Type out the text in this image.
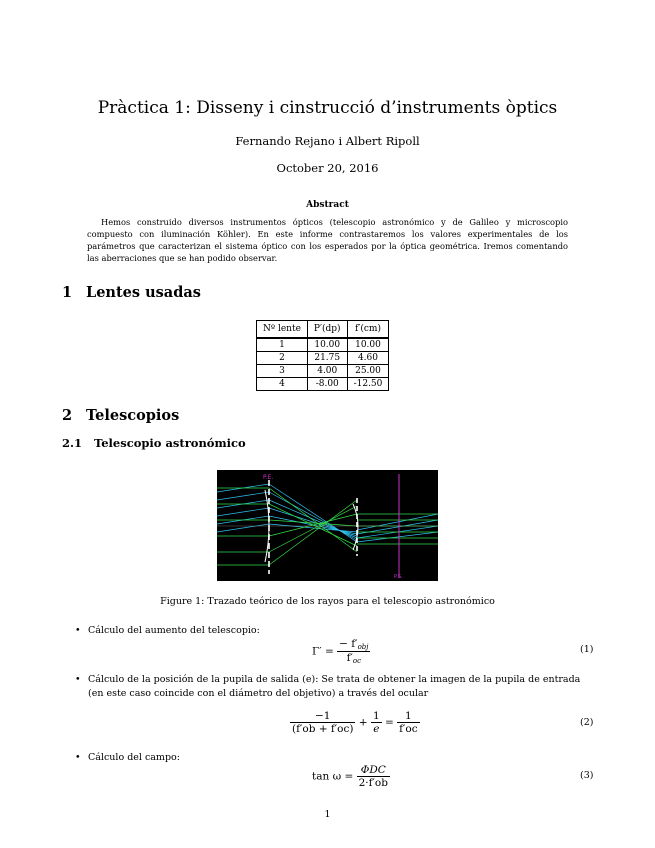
Pràctica 1: Disseny i cinstrucció d’instruments òptics
Fernando Rejano i Albert Ripoll
October 20, 2016
Abstract
Hemos construido diversos instrumentos ópticos (telescopio astronómico y de Galileo y microscopio compuesto con iluminación Köhler). En este informe contrastaremos los valores experimentales de los parámetros que caracterizan el sistema óptico con los esperados por la óptica geométrica. Iremos comentando las aberraciones que se han podido observar.
1 Lentes usadas
Nº lente	P′(dp)	f′(cm)
1	10.00	10.00
2	21.75	4.60
3	4.00	25.00
4	-8.00	-12.50
2 Telescopios
2.1 Telescopio astronómico
P.E.
P.S.
Figure 1: Trazado teórico de los rayos para el telescopio astronómico
• Cálculo del aumento del telescopio:

$\Gamma' = \frac{- f'_{obj}}{f'_{oc}}$	(1)
• Cálculo de la posición de la pupila de salida (e): Se trata de obtener la imagen de la pupila de entrada (en este caso coincide con el diámetro del objetivo) a través del ocular

$\frac{-1}{(f'ob + f'oc)} + \frac{1}{e} = \frac{1}{f'oc}$	(2)
• Cálculo del campo:

$\tan \omega = \frac{\text{ΦDC}}{2\cdot f'ob}$	(3)
1
